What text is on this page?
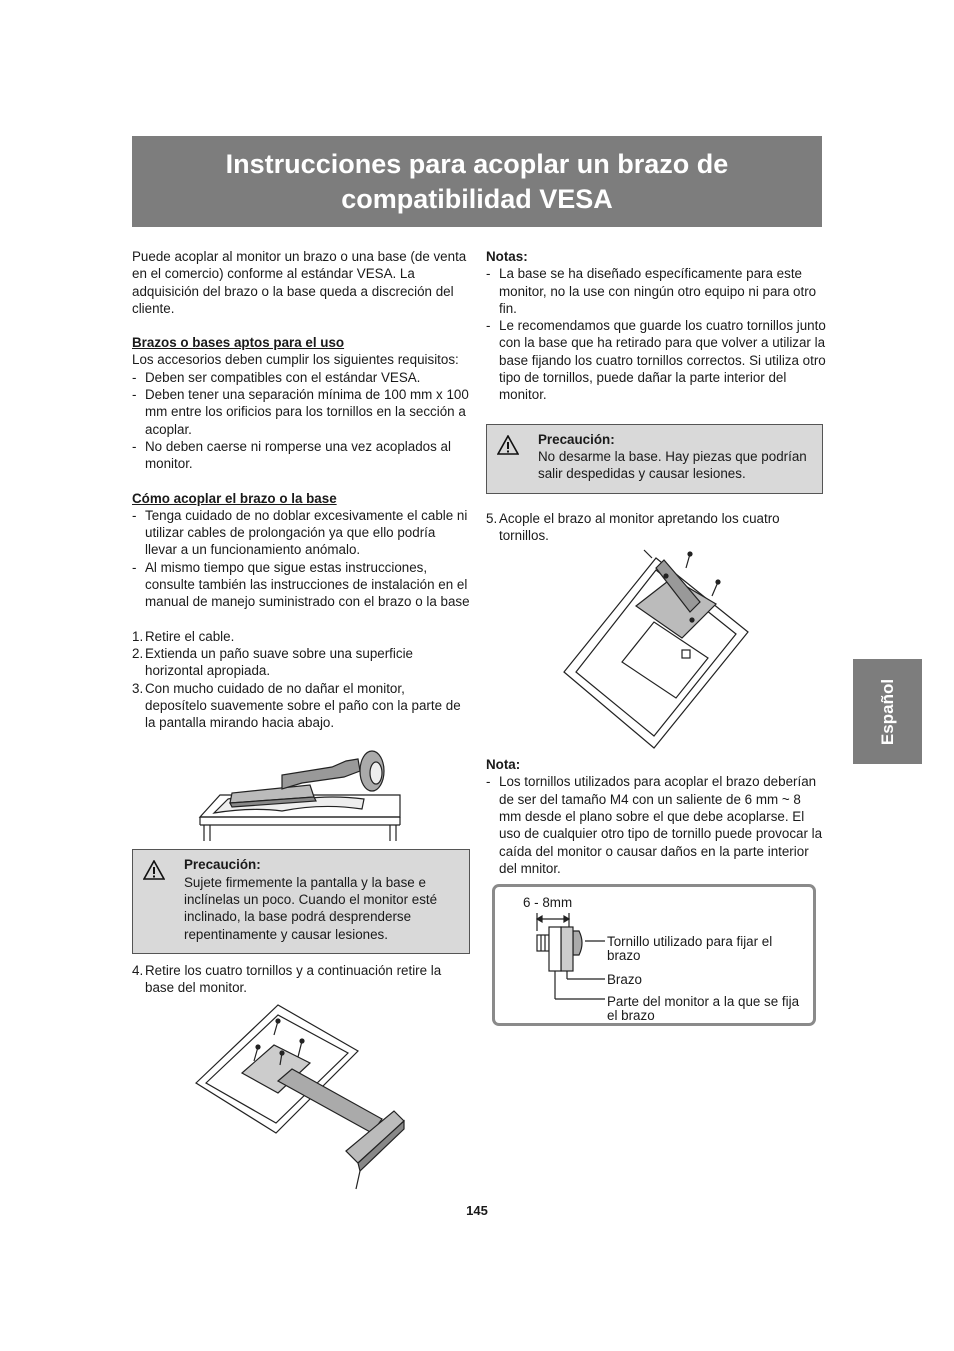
Instrucciones para acoplar un brazo de compatibilidad VESA

Puede acoplar al monitor un brazo o una base (de venta en el comercio) conforme al estándar VESA. La adquisición del brazo o la base queda a discreción del cliente.

Brazos o bases aptos para el uso

Los accesorios deben cumplir los siguientes requisitos:

- Deben ser compatibles con el estándar VESA.
- Deben tener una separación mínima de 100 mm x 100 mm entre los orificios para los tornillos en la sección a acoplar.
- No deben caerse ni romperse una vez acoplados al monitor.

Cómo acoplar el brazo o la base

- Tenga cuidado de no doblar excesivamente el cable ni utilizar cables de prolongación ya que ello podría llevar a un funcionamiento anómalo.
- Al mismo tiempo que sigue estas instrucciones, consulte también las instrucciones de instalación en el manual de manejo suministrado con el brazo o la base
1. Retire el cable.
2. Extienda un paño suave sobre una superficie horizontal apropiada.
3. Con mucho cuidado de no dañar el monitor, deposítelo suavemente sobre el paño con la parte de la pantalla mirando hacia abajo.

Precaución:

Sujete firmemente la pantalla y la base e inclínelas un poco. Cuando el monitor esté inclinado, la base podrá desprenderse repentinamente y causar lesiones.

4. Retire los cuatro tornillos y a continuación retire la base del monitor.

Notas:

- La base se ha diseñado específicamente para este monitor, no la use con ningún otro equipo ni para otro fin.
- Le recomendamos que guarde los cuatro tornillos junto con la base que ha retirado para que volver a utilizar la base fijando los cuatro tornillos correctos. Si utiliza otro tipo de tornillos, puede dañar la parte interior del monitor.

Precaución:

No desarme la base. Hay piezas que podrían salir despedidas y causar lesiones.

5. Acople el brazo al monitor apretando los cuatro tornillos.

Nota:

- Los tornillos utilizados para acoplar el brazo deberían de ser del tamaño M4 con un saliente de 6 mm ~ 8 mm desde el plano sobre el que debe acoplarse. El uso de cualquier otro tipo de tornillo puede provocar la caída del monitor o causar daños en la parte interior del mnitor.
6 - 8mm
Tornillo utilizado para fijar el brazo
Brazo
Parte del monitor a la que se fija el brazo
Español
145
